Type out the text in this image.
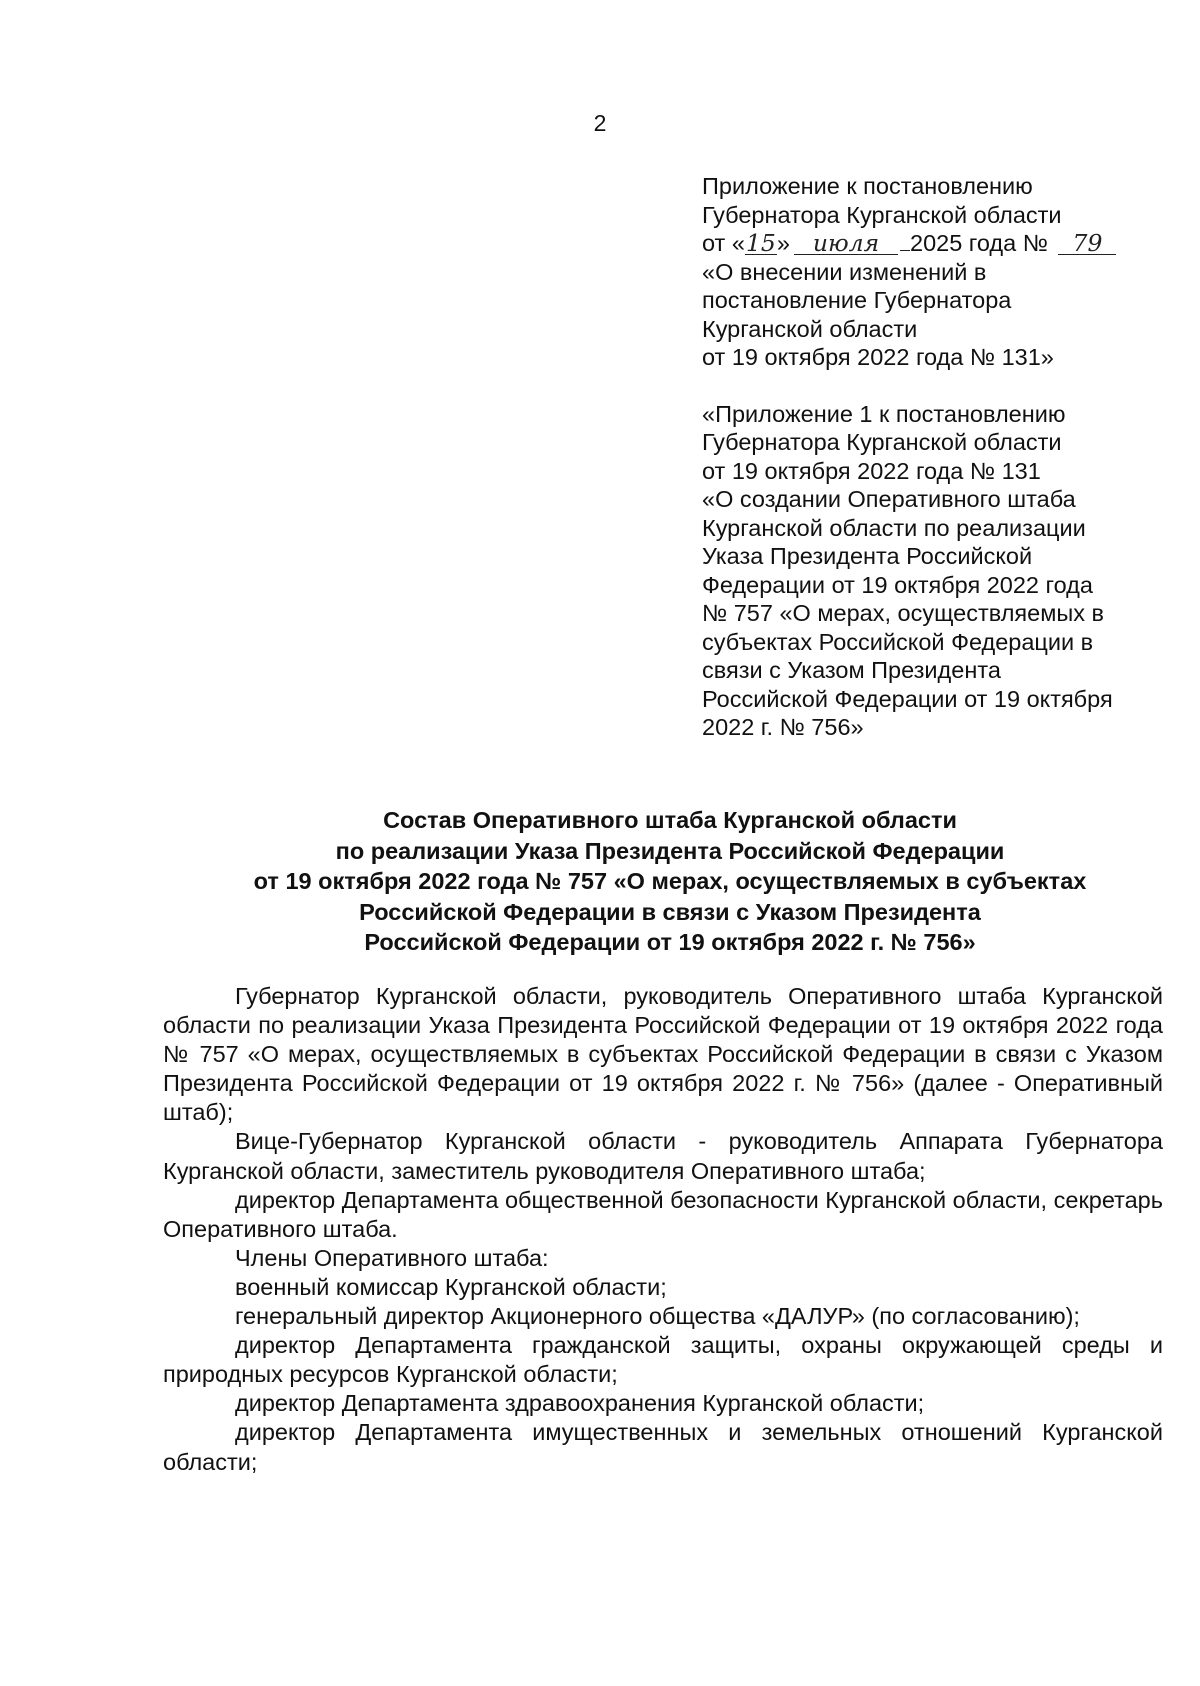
2
Приложение к постановлению
Губернатора Курганской области
от «15» июля 2025 года № 79
«О внесении изменений в
постановление Губернатора
Курганской области
от 19 октября 2022 года № 131»
«Приложение 1 к постановлению
Губернатора Курганской области
от 19 октября 2022 года № 131
«О создании Оперативного штаба
Курганской области по реализации
Указа Президента Российской
Федерации от 19 октября 2022 года
№ 757 «О мерах, осуществляемых в
субъектах Российской Федерации в
связи с Указом Президента
Российской Федерации от 19 октября
2022 г. № 756»
Состав Оперативного штаба Курганской области
по реализации Указа Президента Российской Федерации
от 19 октября 2022 года № 757 «О мерах, осуществляемых в субъектах
Российской Федерации в связи с Указом Президента
Российской Федерации от 19 октября 2022 г. № 756»

Губернатор Курганской области, руководитель Оперативного штаба Курганской области по реализации Указа Президента Российской Федерации от 19 октября 2022 года № 757 «О мерах, осуществляемых в субъектах Российской Федерации в связи с Указом Президента Российской Федерации от 19 октября 2022 г. № 756» (далее - Оперативный штаб);

Вице-Губернатор Курганской области - руководитель Аппарата Губернатора Курганской области, заместитель руководителя Оперативного штаба;

директор Департамента общественной безопасности Курганской области, секретарь Оперативного штаба.

Члены Оперативного штаба:

военный комиссар Курганской области;

генеральный директор Акционерного общества «ДАЛУР» (по согласованию);

директор Департамента гражданской защиты, охраны окружающей среды и природных ресурсов Курганской области;

директор Департамента здравоохранения Курганской области;

директор Департамента имущественных и земельных отношений Курганской области;
